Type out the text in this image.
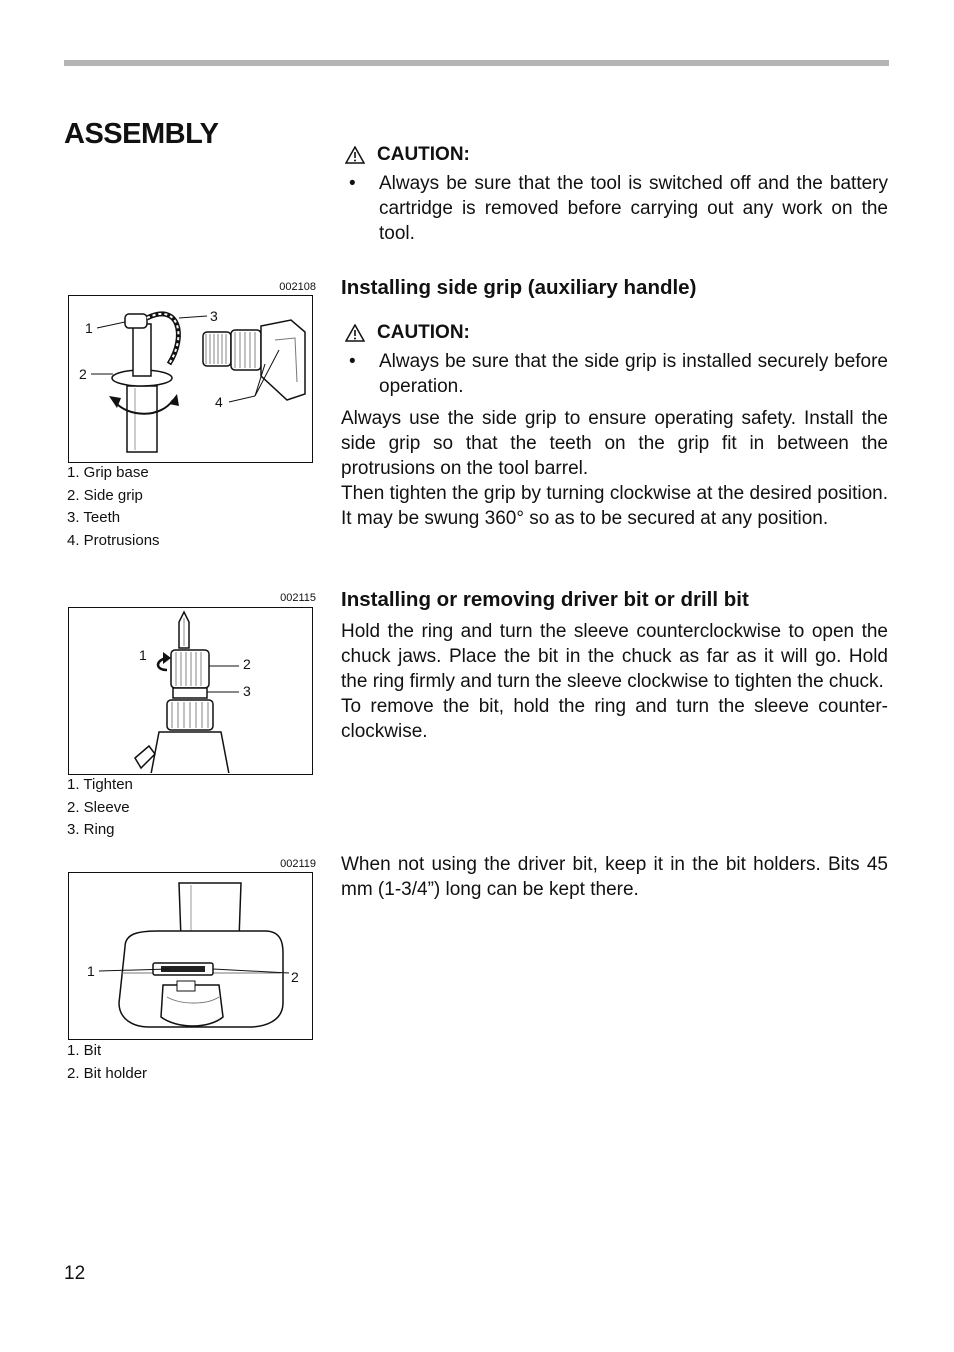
ASSEMBLY
CAUTION:
• Always be sure that the tool is switched off and the battery cartridge is removed before carrying out any work on the tool.
Installing side grip (auxiliary handle)
CAUTION:
• Always be sure that the side grip is installed securely before operation.

Always use the side grip to ensure operating safety. Install the side grip so that the teeth on the grip fit in between the protrusions on the tool barrel.

Then tighten the grip by turning clockwise at the desired position. It may be swung 360° so as to be secured at any position.

Installing or removing driver bit or drill bit

Hold the ring and turn the sleeve counterclockwise to open the chuck jaws. Place the bit in the chuck as far as it will go. Hold the ring firmly and turn the sleeve clockwise to tighten the chuck.

To remove the bit, hold the ring and turn the sleeve counter-clockwise.

When not using the driver bit, keep it in the bit holders. Bits 45 mm (1-3/4”) long can be kept there.

002108
1
2
3
4
1. Grip base
2. Side grip
3. Teeth
4. Protrusions
002115
1
2
3
1. Tighten
2. Sleeve
3. Ring
002119
1	2
1. Bit
2. Bit holder
12
